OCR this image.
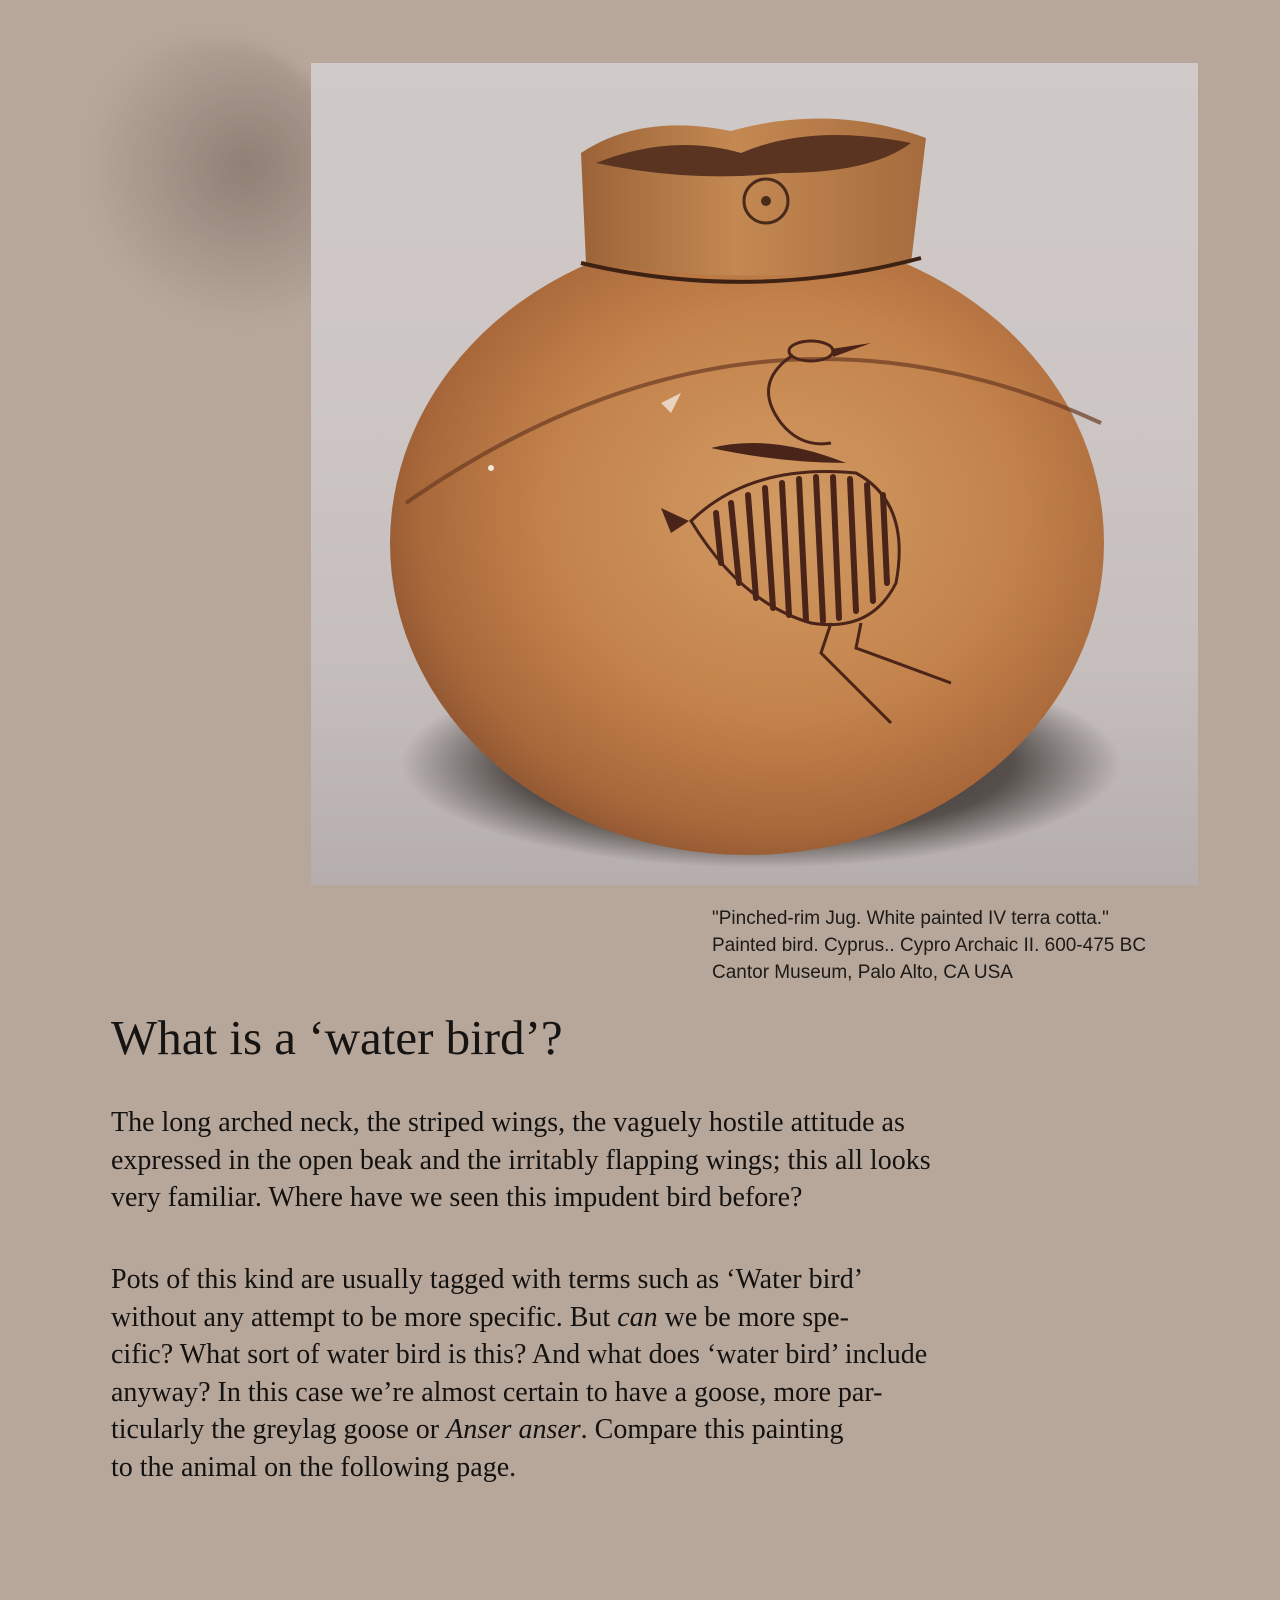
"Pinched-rim Jug. White painted IV terra cotta."
Painted bird. Cyprus.. Cypro Archaic II. 600-475 BC
Cantor Museum, Palo Alto, CA USA
What is a ‘water bird’?

The long arched neck, the striped wings, the vaguely hostile attitude as
expressed in the open beak and the irritably flapping wings; this all looks
very familiar. Where have we seen this impudent bird before?

Pots of this kind are usually tagged with terms such as ‘Water bird’
without any attempt to be more specific. But can we be more spe-
cific? What sort of water bird is this? And what does ‘water bird’ include
anyway? In this case we’re almost certain to have a goose, more par-
ticularly the greylag goose or Anser anser. Compare this painting
to the animal on the following page.
